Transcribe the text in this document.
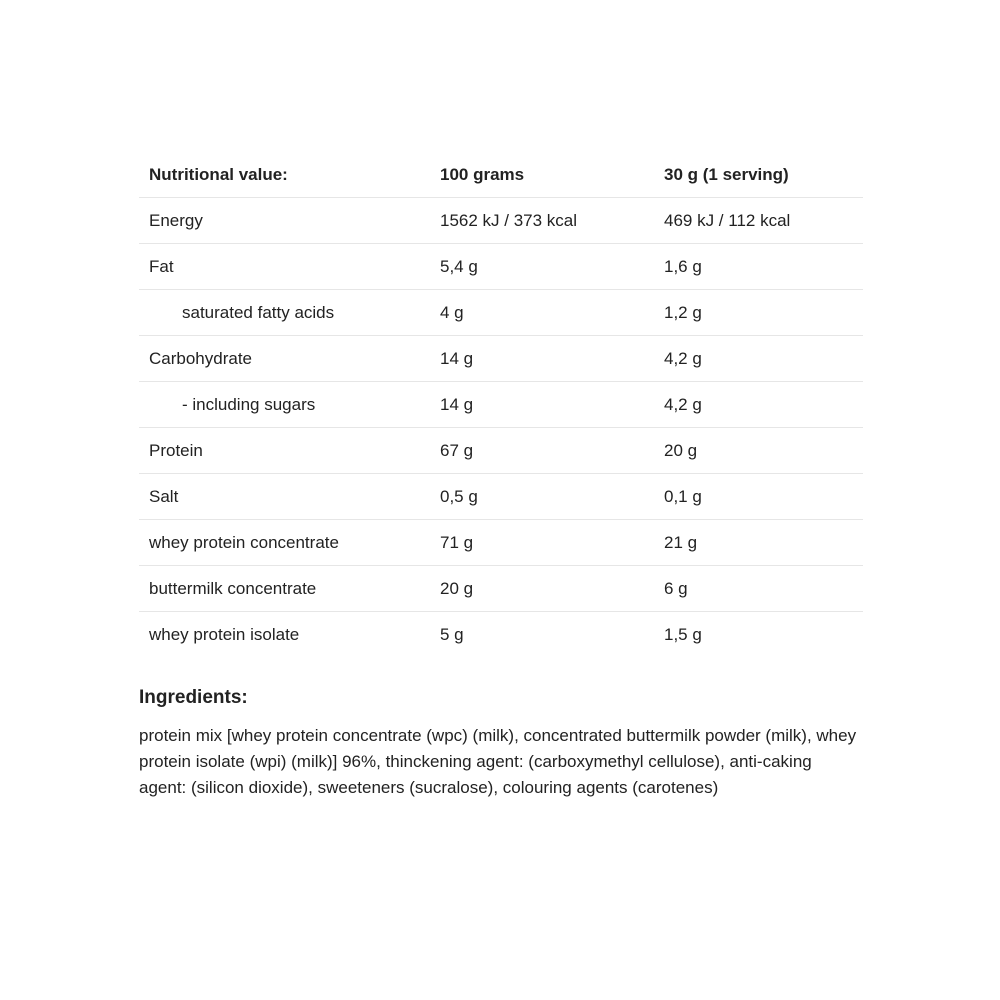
Nutritional value:	100 grams	30 g (1 serving)
Energy	1562 kJ / 373 kcal	469 kJ / 112 kcal
Fat	5,4 g	1,6 g
saturated fatty acids	4 g	1,2 g
Carbohydrate	14 g	4,2 g
- including sugars	14 g	4,2 g
Protein	67 g	20 g
Salt	0,5 g	0,1 g
whey protein concentrate	71 g	21 g
buttermilk concentrate	20 g	6 g
whey protein isolate	5 g	1,5 g
Ingredients:

protein mix [whey protein concentrate (wpc) (milk), concentrated buttermilk powder (milk), whey protein isolate (wpi) (milk)] 96%, thinckening agent: (carboxymethyl cellulose), anti-caking agent: (silicon dioxide), sweeteners (sucralose), colouring agents (carotenes)
